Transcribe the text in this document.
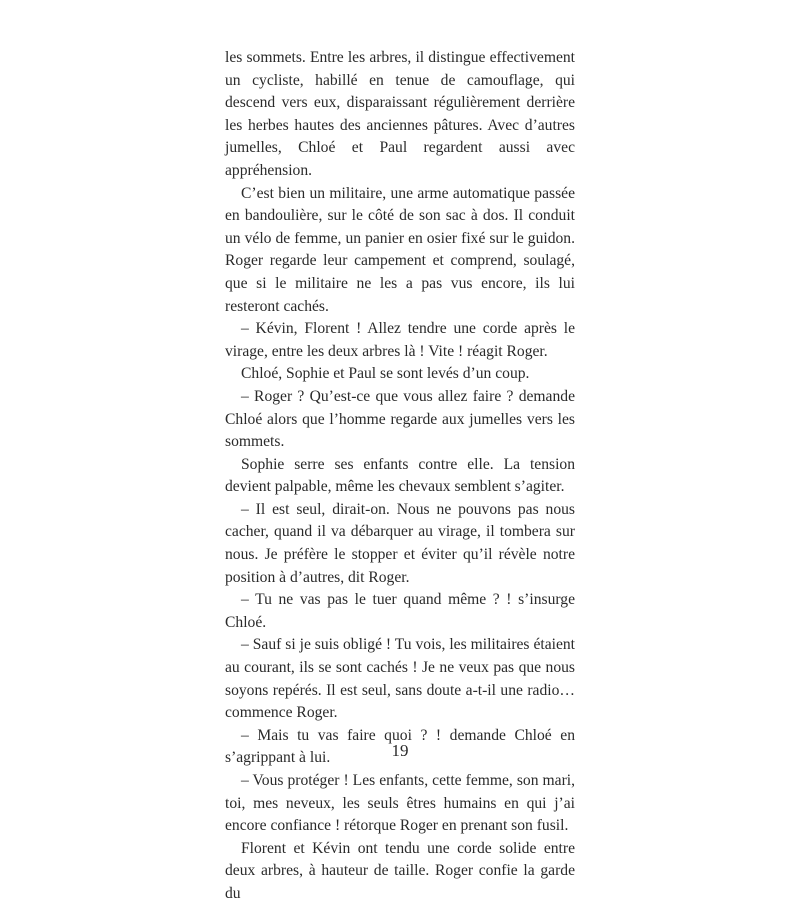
les sommets. Entre les arbres, il distingue effectivement un cycliste, habillé en tenue de camouflage, qui descend vers eux, disparaissant régulièrement derrière les herbes hautes des anciennes pâtures. Avec d’autres jumelles, Chloé et Paul regardent aussi avec appréhension.

C’est bien un militaire, une arme automatique passée en bandoulière, sur le côté de son sac à dos. Il conduit un vélo de femme, un panier en osier fixé sur le guidon. Roger regarde leur campement et comprend, soulagé, que si le militaire ne les a pas vus encore, ils lui resteront cachés.

– Kévin, Florent ! Allez tendre une corde après le virage, entre les deux arbres là ! Vite ! réagit Roger.

Chloé, Sophie et Paul se sont levés d’un coup.

– Roger ? Qu’est-ce que vous allez faire ? demande Chloé alors que l’homme regarde aux jumelles vers les sommets.

Sophie serre ses enfants contre elle. La tension devient palpable, même les chevaux semblent s’agiter.

– Il est seul, dirait-on. Nous ne pouvons pas nous cacher, quand il va débarquer au virage, il tombera sur nous. Je préfère le stopper et éviter qu’il révèle notre position à d’autres, dit Roger.

– Tu ne vas pas le tuer quand même ? ! s’insurge Chloé.

– Sauf si je suis obligé ! Tu vois, les militaires étaient au courant, ils se sont cachés ! Je ne veux pas que nous soyons repérés. Il est seul, sans doute a-t-il une radio… commence Roger.

– Mais tu vas faire quoi ? ! demande Chloé en s’agrippant à lui.

– Vous protéger ! Les enfants, cette femme, son mari, toi, mes neveux, les seuls êtres humains en qui j’ai encore confiance ! rétorque Roger en prenant son fusil.

Florent et Kévin ont tendu une corde solide entre deux arbres, à hauteur de taille. Roger confie la garde du

19
